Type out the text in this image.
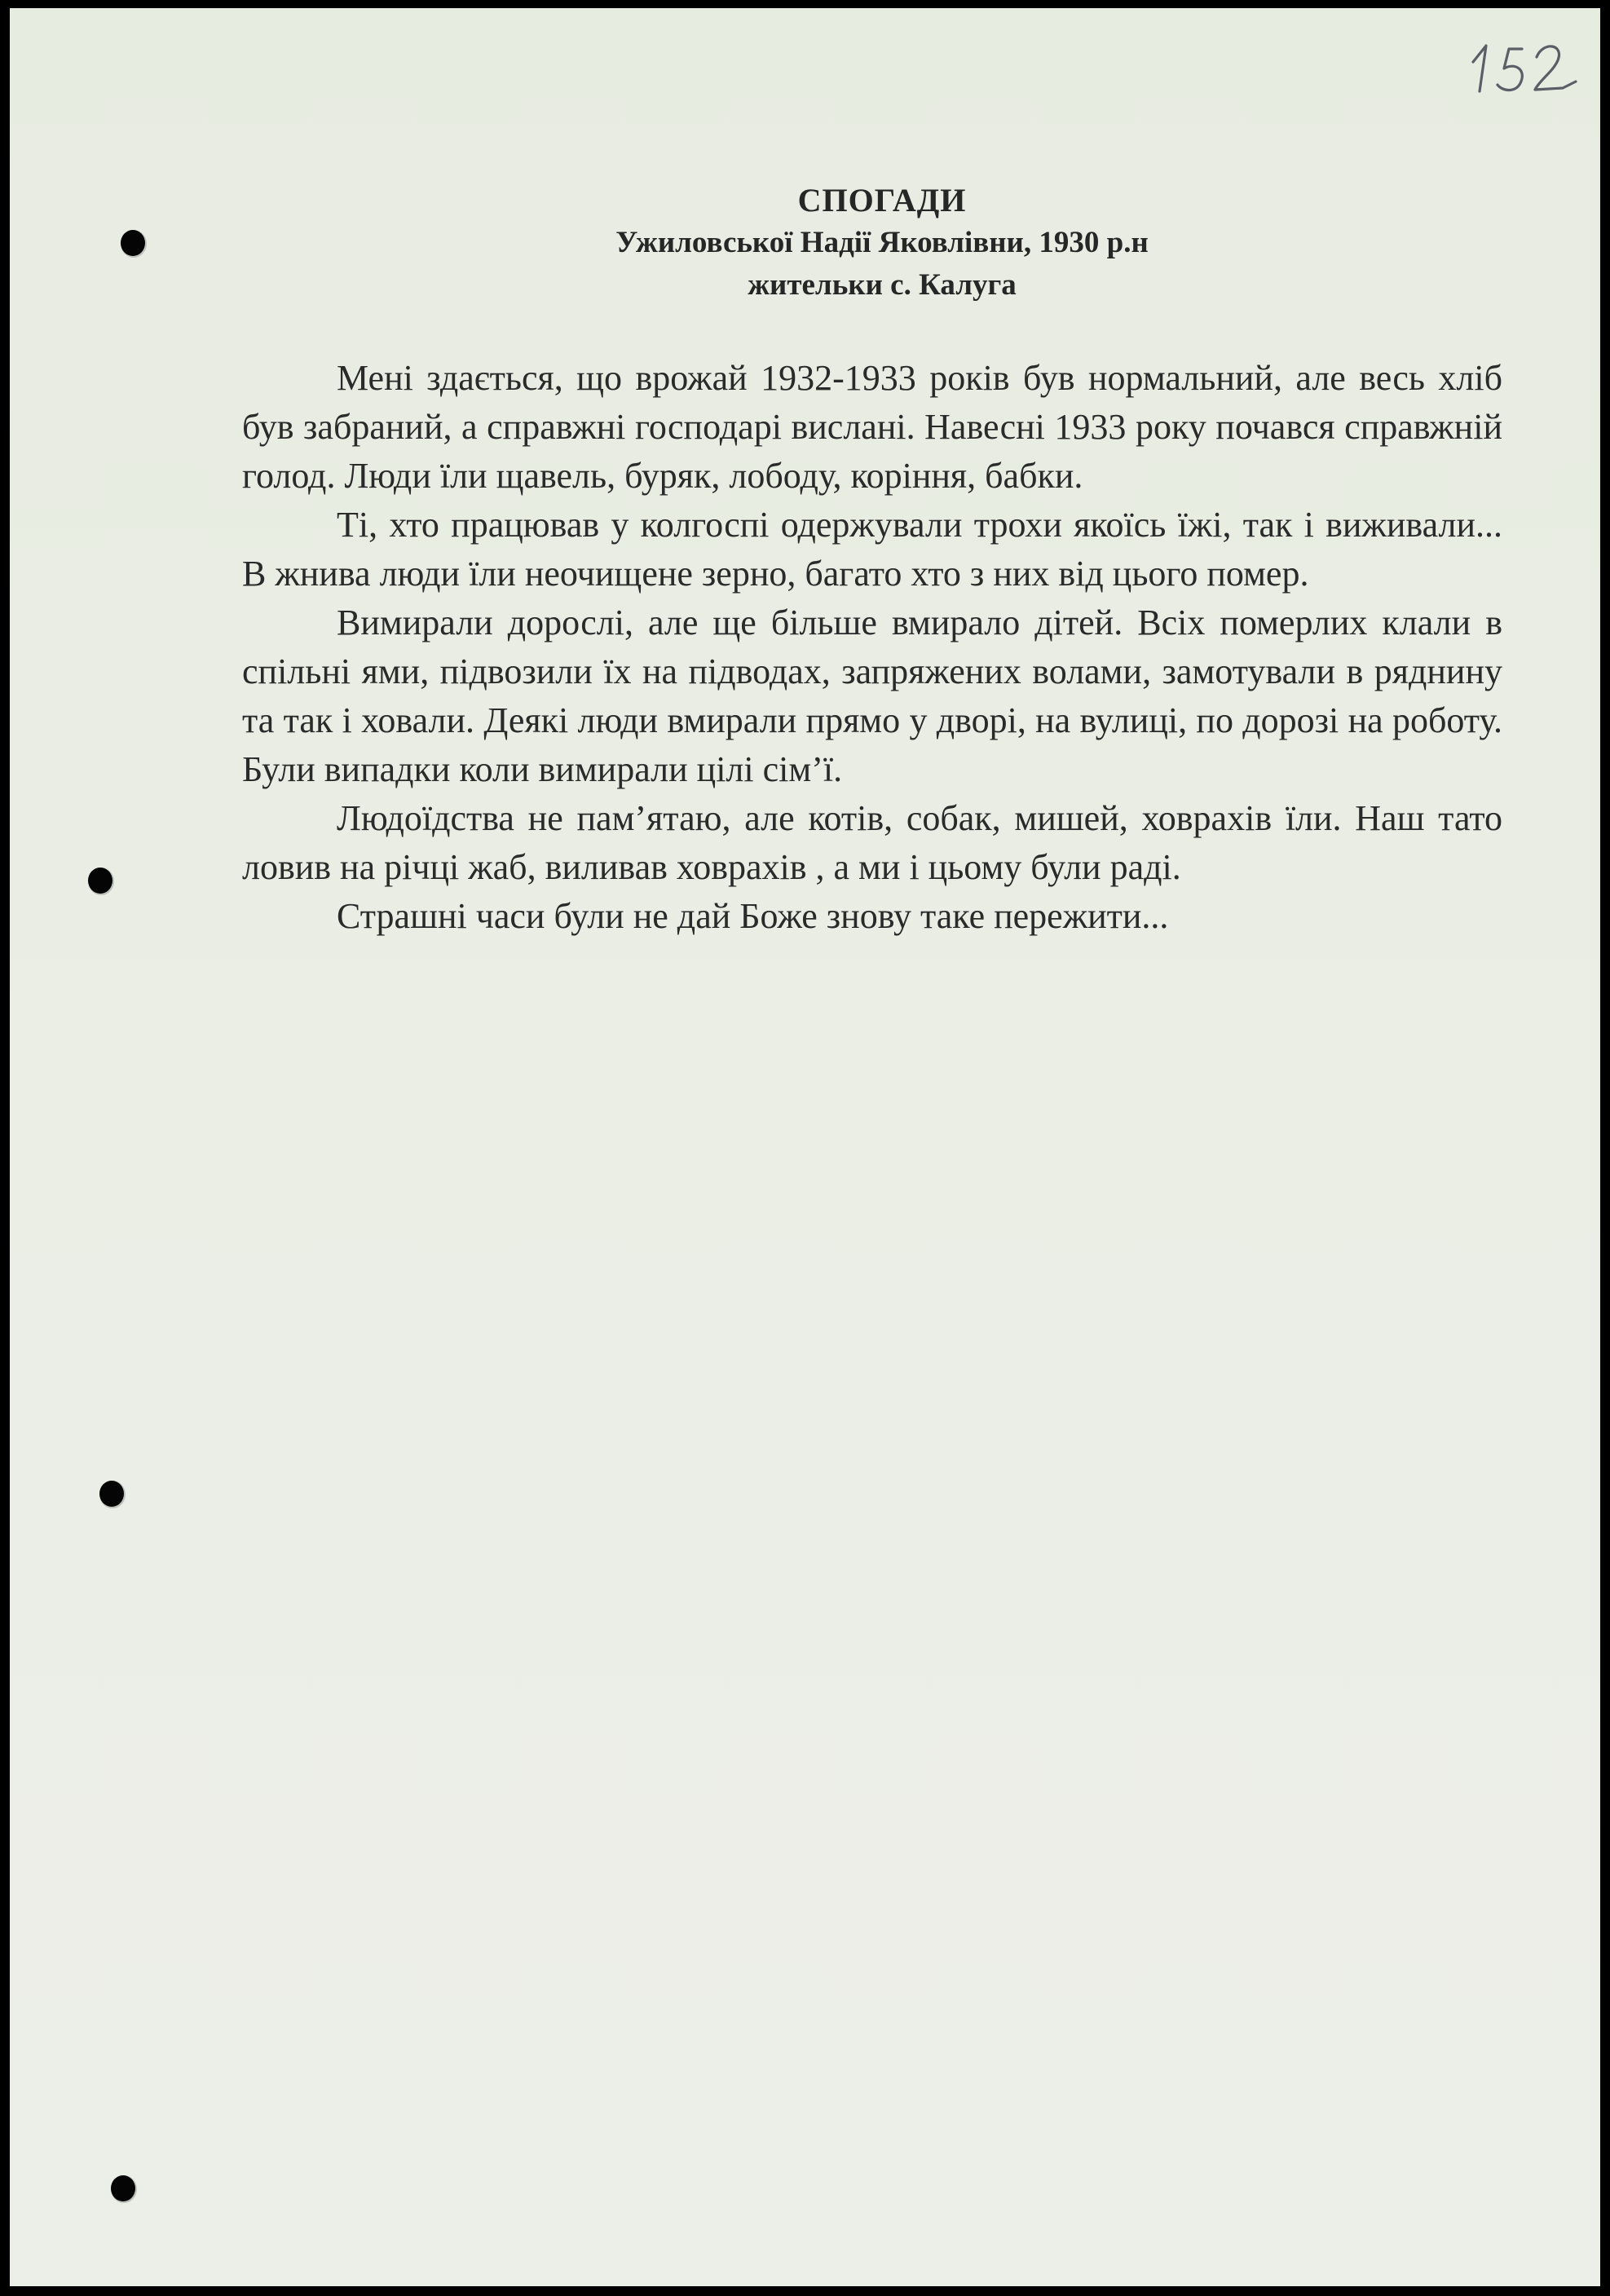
СПОГАДИ
Ужиловської Надії Яковлівни, 1930 р.н
жительки с. Калуга

Мені здається, що врожай 1932-1933 років був нормальний, але весь хліб був забраний, а справжні господарі вислані. Навесні 1933 року почався справжній голод. Люди їли щавель, буряк, лободу, коріння, бабки.

Ті, хто працював у колгоспі одержували трохи якоїсь їжі, так і виживали... В жнива люди їли неочищене зерно, багато хто з них від цього помер.

Вимирали дорослі, але ще більше вмирало дітей. Всіх померлих клали в спільні ями, підвозили їх на підводах, запряжених волами, замотували в ряднину та так і ховали. Деякі люди вмирали прямо у дворі, на вулиці, по дорозі на роботу. Були випадки коли вимирали цілі сім’ї.

Людоїдства не пам’ятаю, але котів, собак, мишей, ховрахів їли. Наш тато ловив на річці жаб, виливав ховрахів , а ми і цьому були раді.

Страшні часи були не дай Боже знову таке пережити...
